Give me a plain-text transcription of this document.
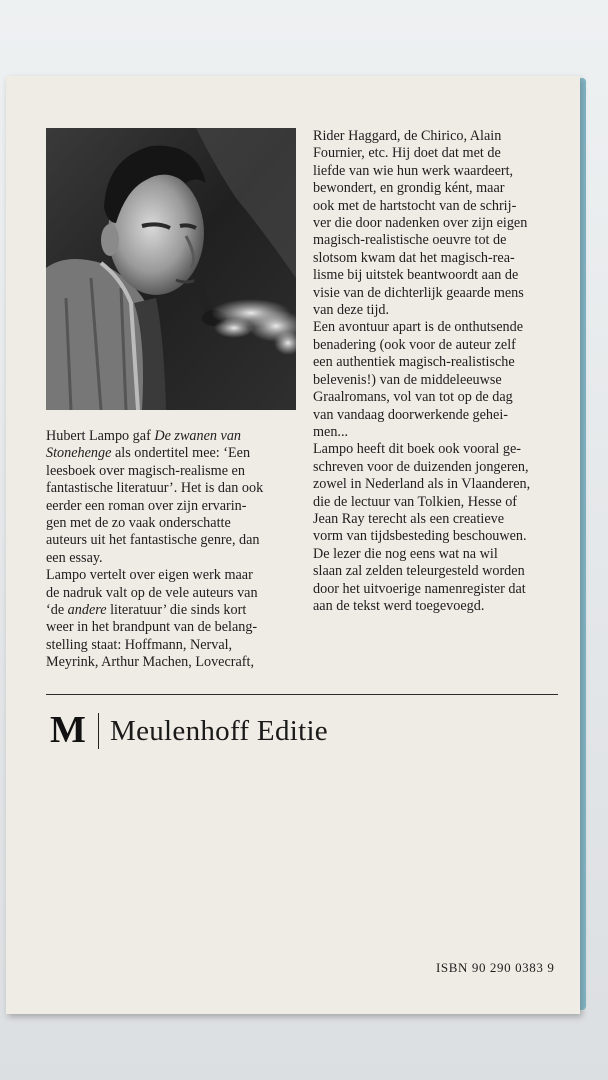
Hubert Lampo gaf De zwanen van
Stonehenge als ondertitel mee: ‘Een
leesboek over magisch-realisme en
fantastische literatuur’. Het is dan ook
eerder een roman over zijn ervarin-
gen met de zo vaak onderschatte
auteurs uit het fantastische genre, dan
een essay.

Lampo vertelt over eigen werk maar
de nadruk valt op de vele auteurs van
‘de andere literatuur’ die sinds kort
weer in het brandpunt van de belang-
stelling staat: Hoffmann, Nerval,
Meyrink, Arthur Machen, Lovecraft,

Rider Haggard, de Chirico, Alain
Fournier, etc. Hij doet dat met de
liefde van wie hun werk waardeert,
bewondert, en grondig ként, maar
ook met de hartstocht van de schrij-
ver die door nadenken over zijn eigen
magisch-realistische oeuvre tot de
slotsom kwam dat het magisch-rea-
lisme bij uitstek beantwoordt aan de
visie van de dichterlijk geaarde mens
van deze tijd.

Een avontuur apart is de onthutsende
benadering (ook voor de auteur zelf
een authentiek magisch-realistische
belevenis!) van de middeleeuwse
Graalromans, vol van tot op de dag
van vandaag doorwerkende gehei-
men...

Lampo heeft dit boek ook vooral ge-
schreven voor de duizenden jongeren,
zowel in Nederland als in Vlaanderen,
die de lectuur van Tolkien, Hesse of
Jean Ray terecht als een creatieve
vorm van tijdsbesteding beschouwen.

De lezer die nog eens wat na wil
slaan zal zelden teleurgesteld worden
door het uitvoerige namenregister dat
aan de tekst werd toegevoegd.

M Meulenhoff Editie
ISBN 90 290 0383 9
